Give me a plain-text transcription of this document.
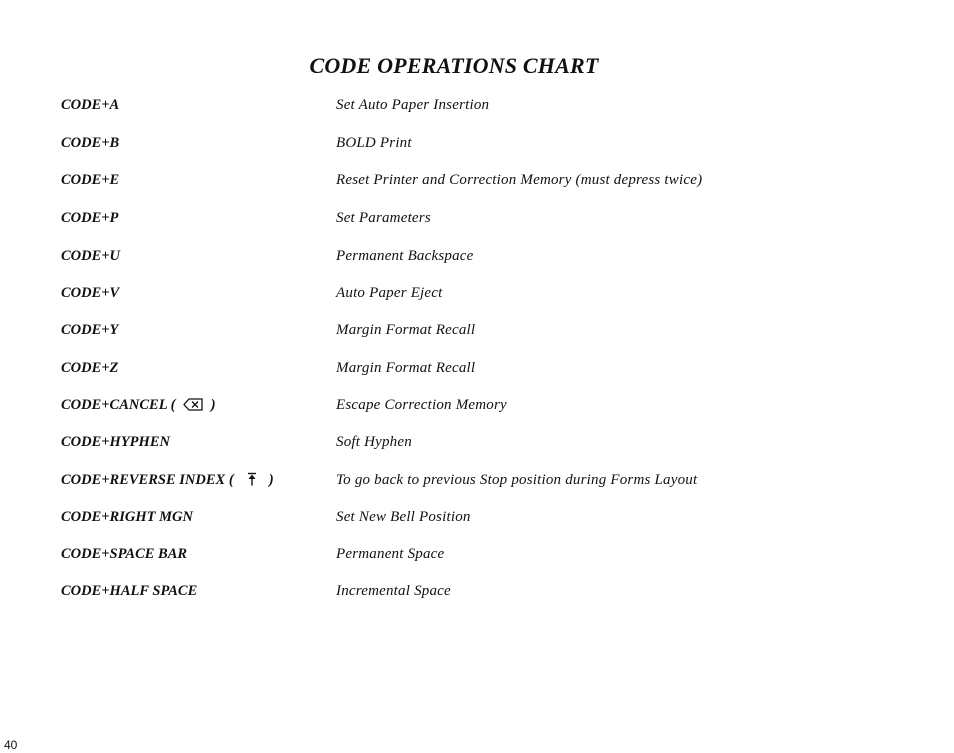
CODE OPERATIONS CHART
CODE+A	Set Auto Paper Insertion
CODE+B	BOLD Print
CODE+E	Reset Printer and Correction Memory (must depress twice)
CODE+P	Set Parameters
CODE+U	Permanent Backspace
CODE+V	Auto Paper Eject
CODE+Y	Margin Format Recall
CODE+Z	Margin Format Recall
CODE+CANCEL ( )	Escape Correction Memory
CODE+HYPHEN	Soft Hyphen
CODE+REVERSE INDEX ( )	To go back to previous Stop position during Forms Layout
CODE+RIGHT MGN	Set New Bell Position
CODE+SPACE BAR	Permanent Space
CODE+HALF SPACE	Incremental Space
40
